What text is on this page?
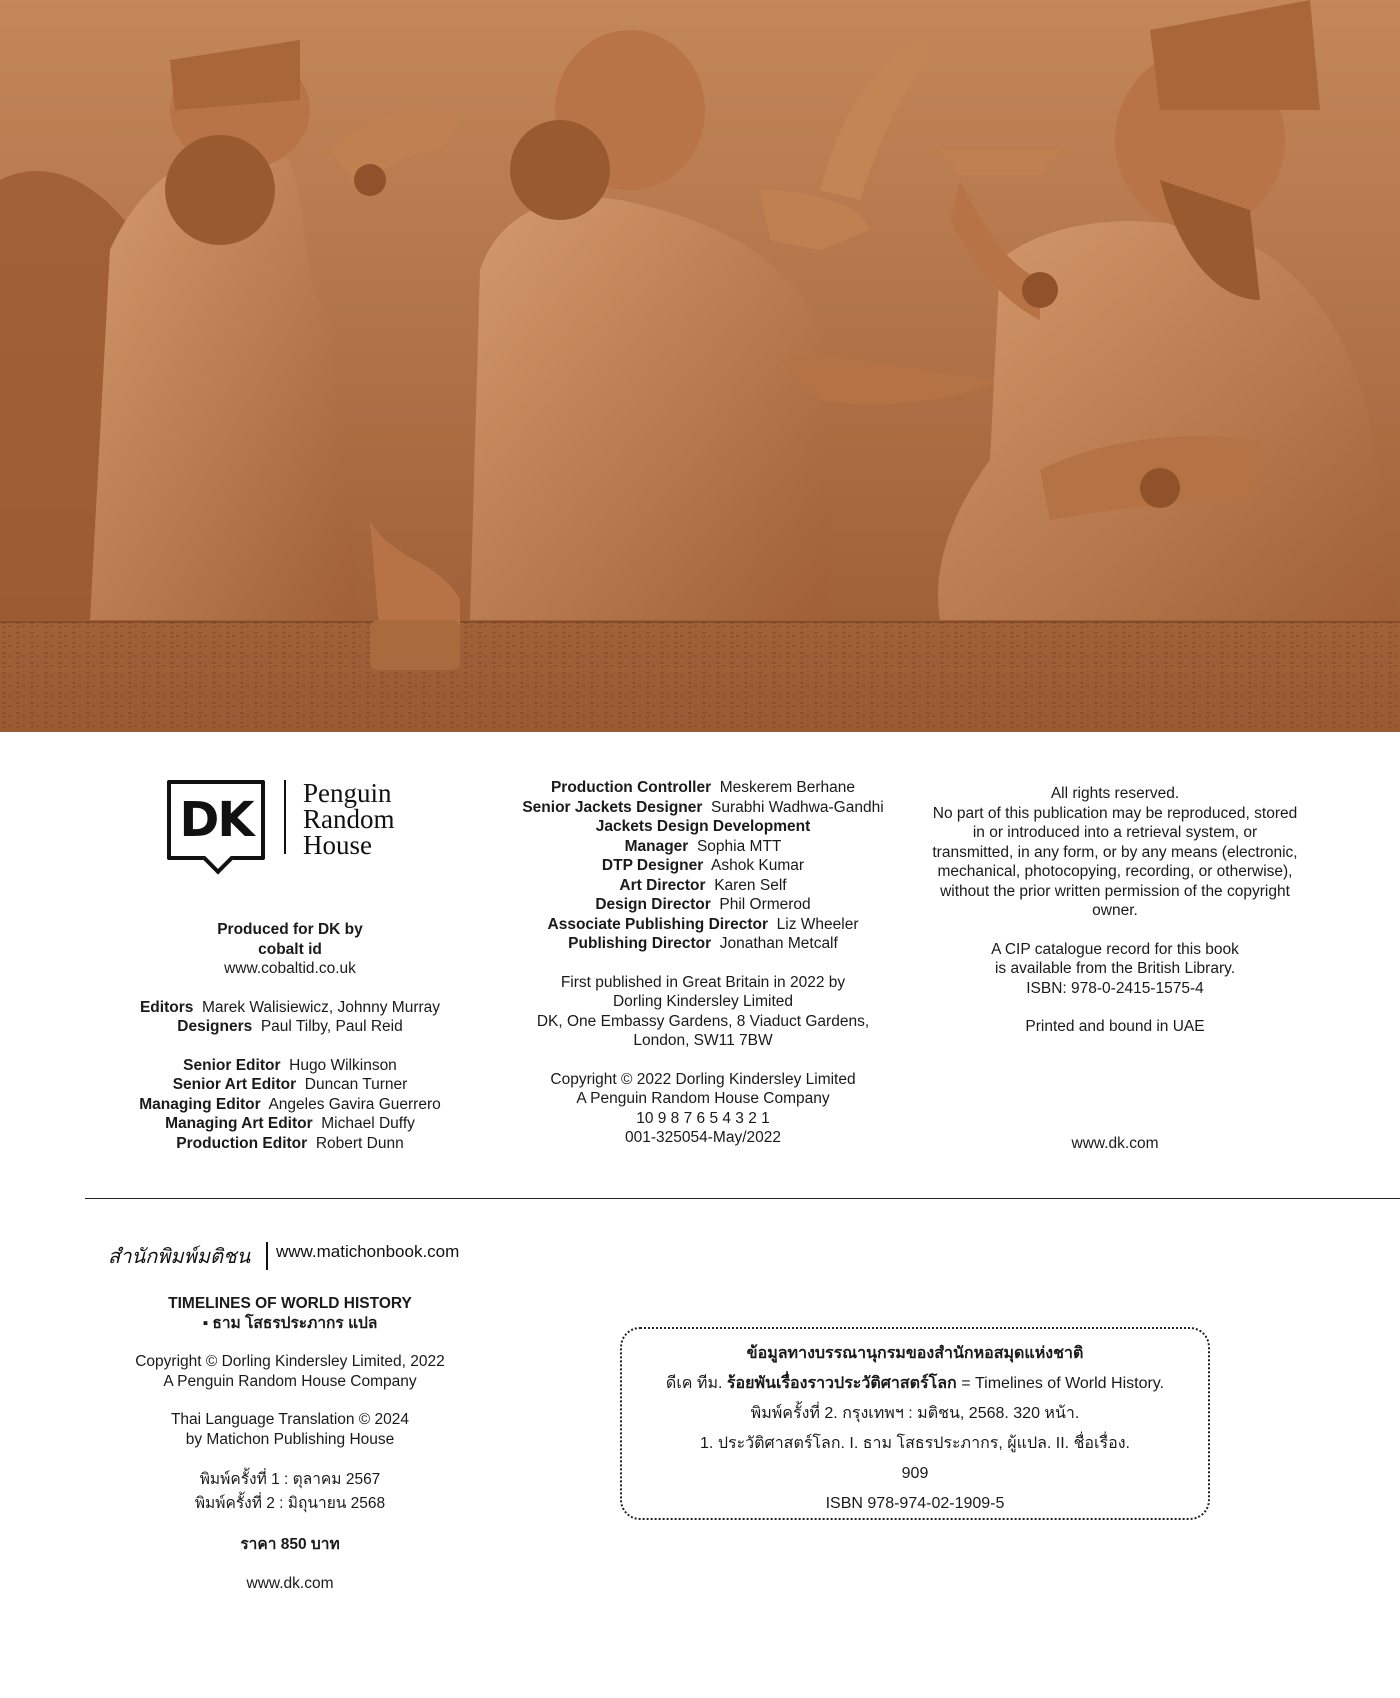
DK	Penguin
Random
House

Produced for DK by

cobalt id

www.cobaltid.co.uk

Editors Marek Walisiewicz, Johnny Murray

Designers Paul Tilby, Paul Reid

Senior Editor Hugo Wilkinson

Senior Art Editor Duncan Turner

Managing Editor Angeles Gavira Guerrero

Managing Art Editor Michael Duffy

Production Editor Robert Dunn

Production Controller Meskerem Berhane

Senior Jackets Designer Surabhi Wadhwa-Gandhi

Jackets Design Development

Manager Sophia MTT

DTP Designer Ashok Kumar

Art Director Karen Self

Design Director Phil Ormerod

Associate Publishing Director Liz Wheeler

Publishing Director Jonathan Metcalf

First published in Great Britain in 2022 by

Dorling Kindersley Limited

DK, One Embassy Gardens, 8 Viaduct Gardens,

London, SW11 7BW

Copyright © 2022 Dorling Kindersley Limited

A Penguin Random House Company

10 9 8 7 6 5 4 3 2 1

001-325054-May/2022

All rights reserved.

No part of this publication may be reproduced, stored

in or introduced into a retrieval system, or

transmitted, in any form, or by any means (electronic,

mechanical, photocopying, recording, or otherwise),

without the prior written permission of the copyright

owner.

A CIP catalogue record for this book

is available from the British Library.

ISBN: 978-0-2415-1575-4

Printed and bound in UAE

www.dk.com

สำนักพิมพ์มติชน www.matichonbook.com

TIMELINES OF WORLD HISTORY

▪ ธาม โสธรประภากร แปล

Copyright © Dorling Kindersley Limited, 2022

A Penguin Random House Company

Thai Language Translation © 2024

by Matichon Publishing House

พิมพ์ครั้งที่ 1 : ตุลาคม 2567

พิมพ์ครั้งที่ 2 : มิถุนายน 2568

ราคา 850 บาท

www.dk.com

ข้อมูลทางบรรณานุกรมของสำนักหอสมุดแห่งชาติ

ดีเค ทีม. ร้อยพันเรื่องราวประวัติศาสตร์โลก = Timelines of World History.

พิมพ์ครั้งที่ 2. กรุงเทพฯ : มติชน, 2568. 320 หน้า.

1. ประวัติศาสตร์โลก. I. ธาม โสธรประภากร, ผู้แปล. II. ชื่อเรื่อง.

909

ISBN 978-974-02-1909-5
